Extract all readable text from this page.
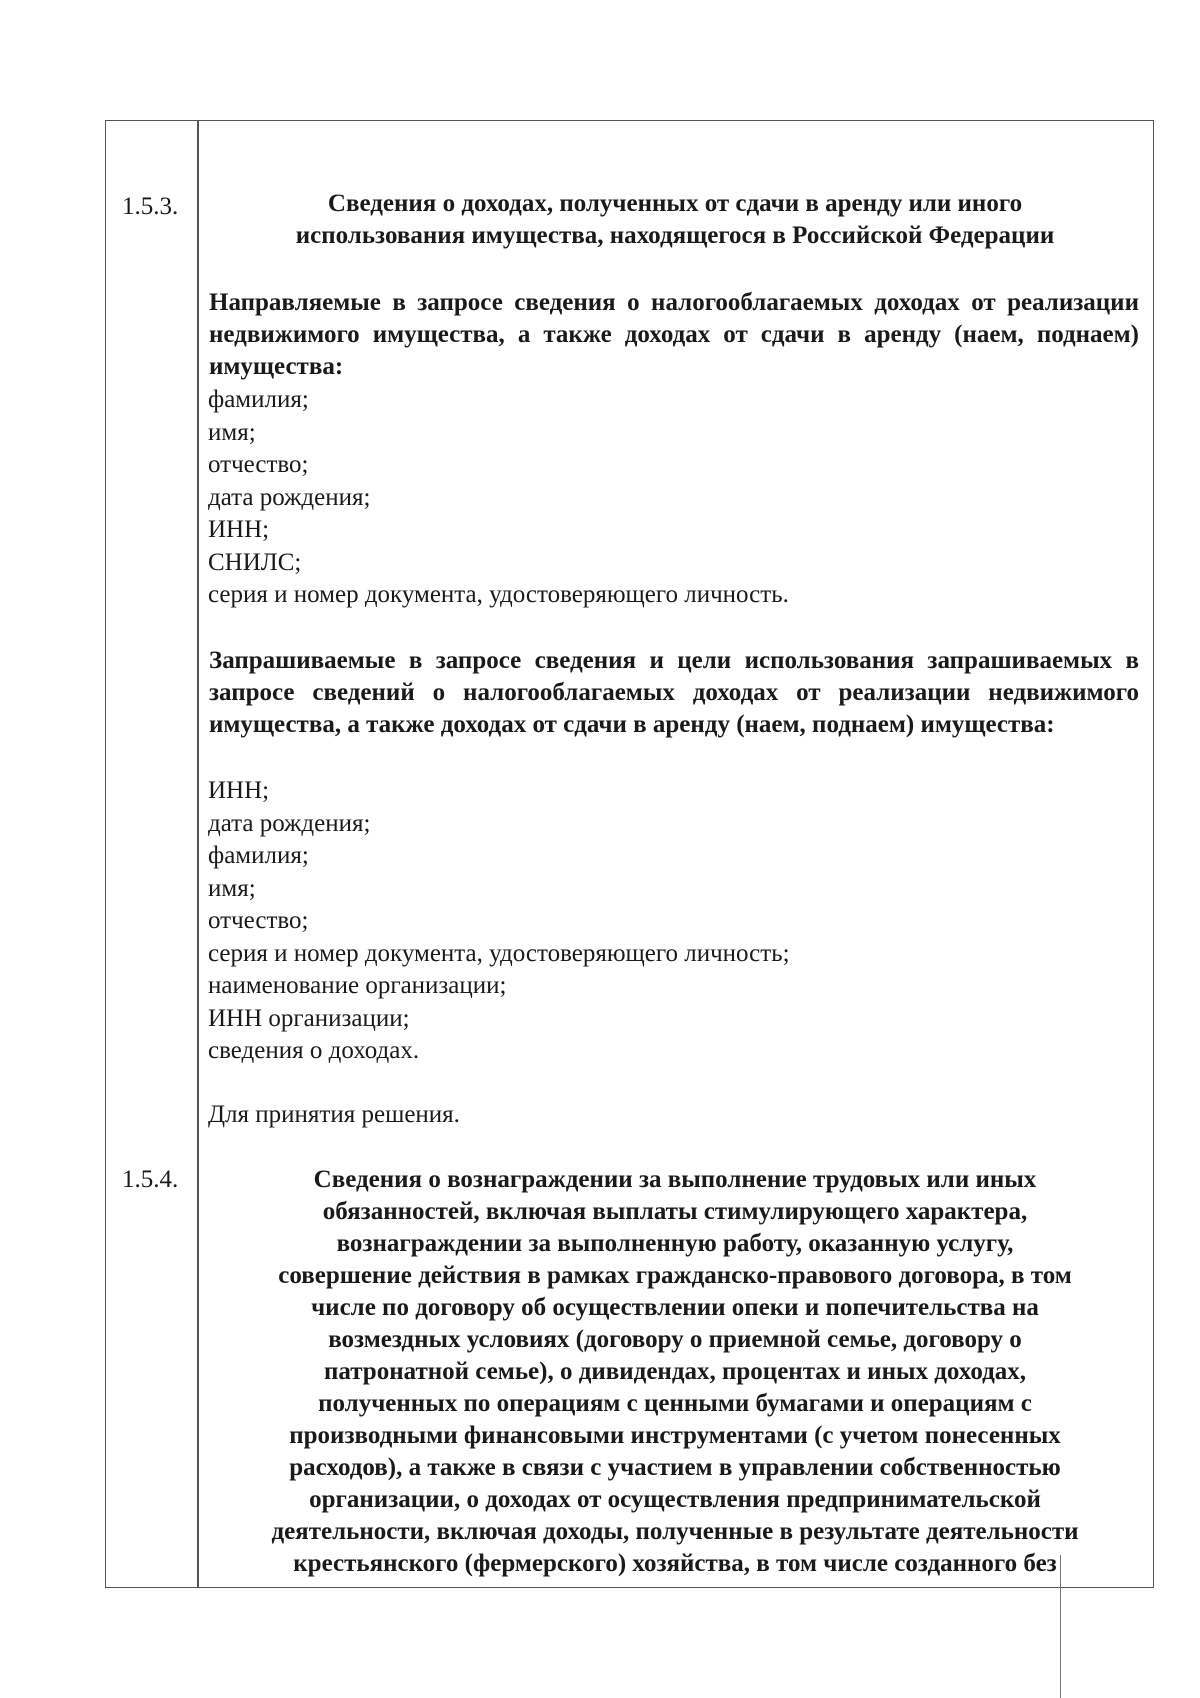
1.5.3.	Сведения о доходах, полученных от сдачи в аренду или иного
использования имущества, находящегося в Российской Федерации
Направляемые в запросе сведения о налогооблагаемых доходах от реализации недвижимого имущества, а также доходах от сдачи в аренду (наем, поднаем) имущества:
фамилия;
имя;
отчество;
дата рождения;
ИНН;
СНИЛС;
серия и номер документа, удостоверяющего личность.
Запрашиваемые в запросе сведения и цели использования запрашиваемых в запросе сведений о налогооблагаемых доходах от реализации недвижимого имущества, а также доходах от сдачи в аренду (наем, поднаем) имущества:
ИНН;
дата рождения;
фамилия;
имя;
отчество;
серия и номер документа, удостоверяющего личность;
наименование организации;
ИНН организации;
сведения о доходах.
Для принятия решения.
1.5.4.	Сведения о вознаграждении за выполнение трудовых или иных
обязанностей, включая выплаты стимулирующего характера,
вознаграждении за выполненную работу, оказанную услугу,
совершение действия в рамках гражданско-правового договора, в том
числе по договору об осуществлении опеки и попечительства на
возмездных условиях (договору о приемной семье, договору о
патронатной семье), о дивидендах, процентах и иных доходах,
полученных по операциям с ценными бумагами и операциям с
производными финансовыми инструментами (с учетом понесенных
расходов), а также в связи с участием в управлении собственностью
организации, о доходах от осуществления предпринимательской
деятельности, включая доходы, полученные в результате деятельности
крестьянского (фермерского) хозяйства, в том числе созданного без
